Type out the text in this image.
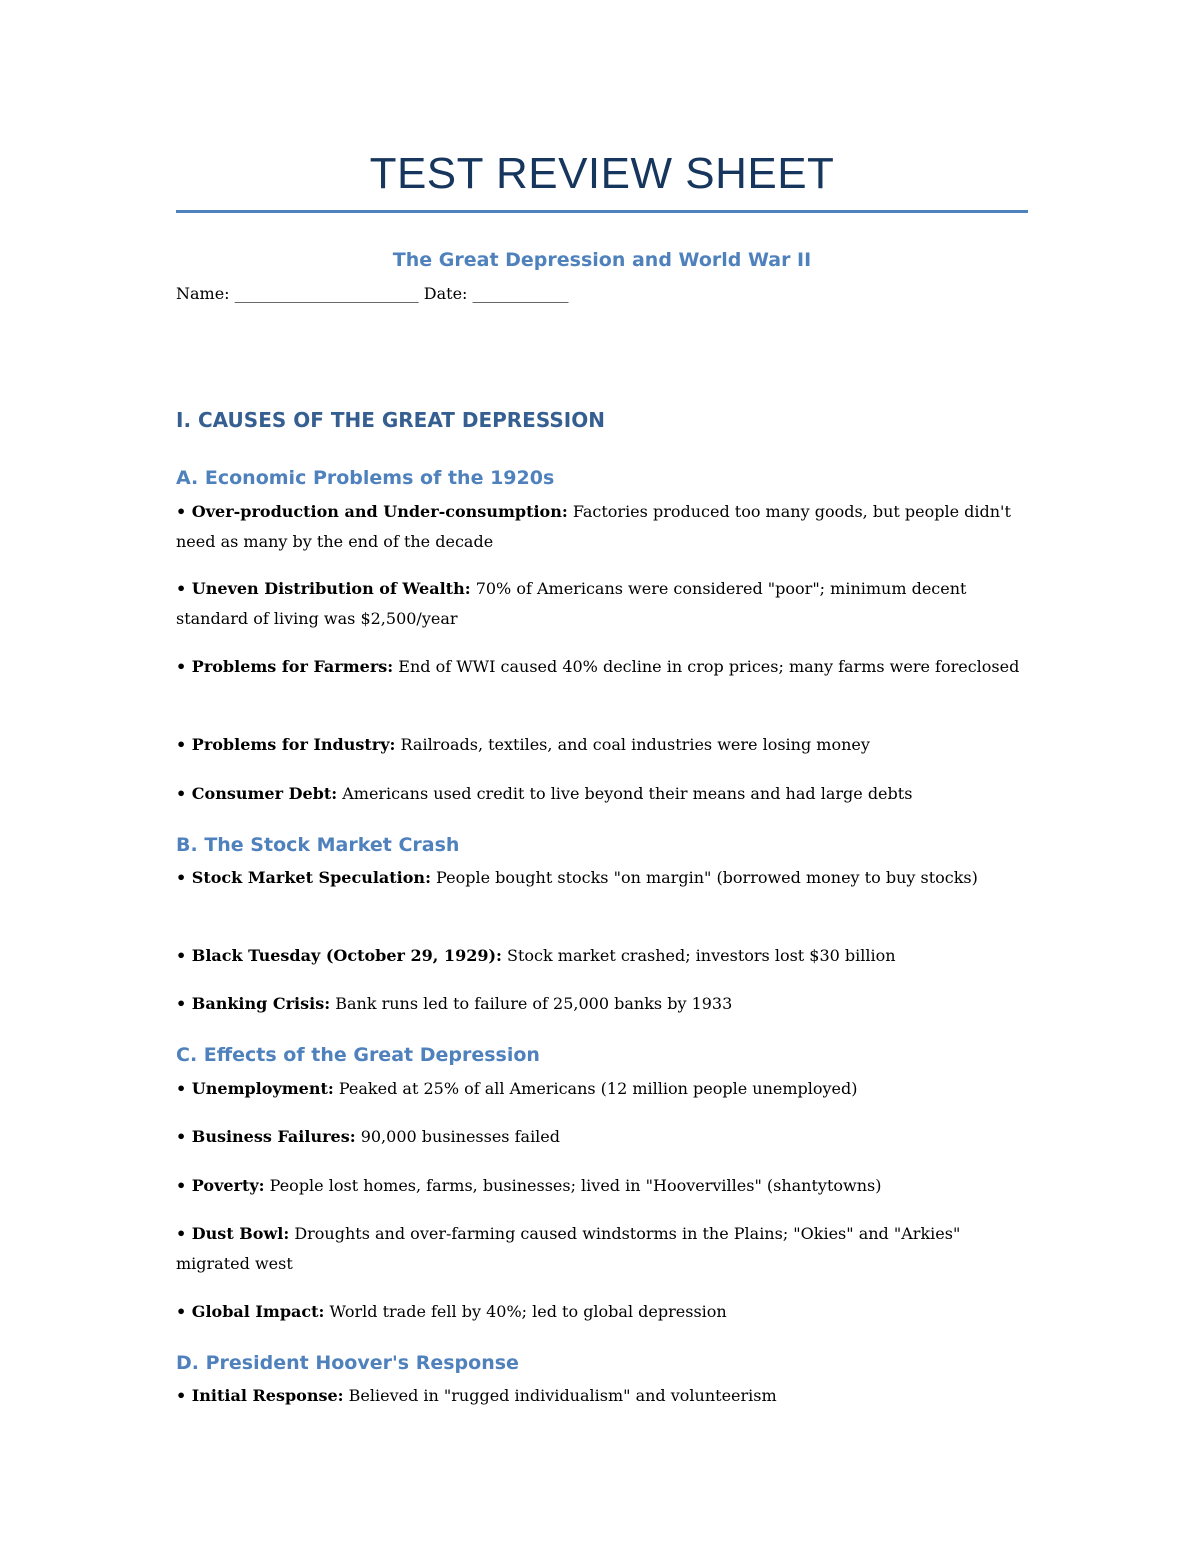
TEST REVIEW SHEET
The Great Depression and World War II
Name: _______________________ Date: ____________
I. CAUSES OF THE GREAT DEPRESSION
A. Economic Problems of the 1920s
• Over-production and Under-consumption: Factories produced too many goods, but people didn't need as many by the end of the decade
• Uneven Distribution of Wealth: 70% of Americans were considered "poor"; minimum decent standard of living was $2,500/year
• Problems for Farmers: End of WWI caused 40% decline in crop prices; many farms were foreclosed
• Problems for Industry: Railroads, textiles, and coal industries were losing money
• Consumer Debt: Americans used credit to live beyond their means and had large debts
B. The Stock Market Crash
• Stock Market Speculation: People bought stocks "on margin" (borrowed money to buy stocks)
• Black Tuesday (October 29, 1929): Stock market crashed; investors lost $30 billion
• Banking Crisis: Bank runs led to failure of 25,000 banks by 1933
C. Effects of the Great Depression
• Unemployment: Peaked at 25% of all Americans (12 million people unemployed)
• Business Failures: 90,000 businesses failed
• Poverty: People lost homes, farms, businesses; lived in "Hoovervilles" (shantytowns)
• Dust Bowl: Droughts and over-farming caused windstorms in the Plains; "Okies" and "Arkies" migrated west
• Global Impact: World trade fell by 40%; led to global depression
D. President Hoover's Response
• Initial Response: Believed in "rugged individualism" and volunteerism
